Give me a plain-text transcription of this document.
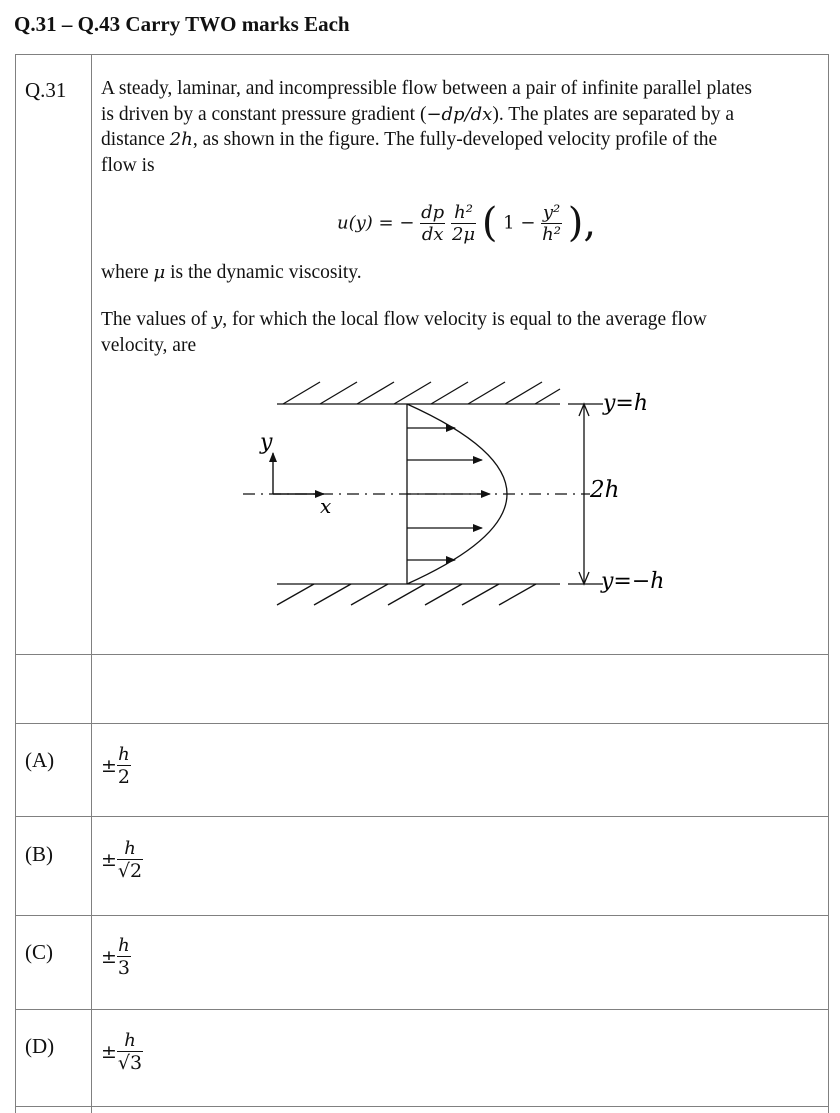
Q.31 – Q.43 Carry TWO marks Each
Q.31 A steady, laminar, and incompressible flow between a pair of infinite parallel plates
is driven by a constant pressure gradient (−dp/dx). The plates are separated by a
distance 2h, as shown in the figure. The fully-developed velocity profile of the
flow is
u(y) = − $\frac{dp}{dx}$
$\frac{\text{h²}}{2\mu}$ ( $1 - \frac{\text{y²}}{\text{h²}}$ ),
where μ is the dynamic viscosity.
The values of y, for which the local flow velocity is equal to the average flow
velocity, are
y
x
y=h
2h
y=−h
$(A) \pm \frac{h}{2}$
(B)	± $\frac{h}{√2}$
(C)	± $\frac{h}{3}$
$(D) \pm \frac{h}{√3}$
